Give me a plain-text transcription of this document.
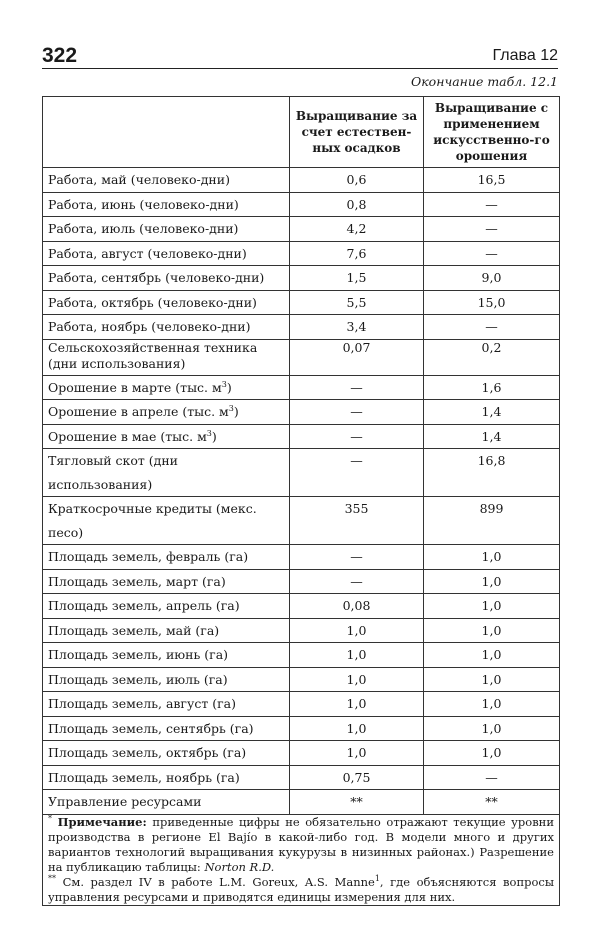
322	Глава 12
Окончание табл. 12.1
	Выращивание за счет естествен-ных осадков	Выращивание с применением искусственно-го орошения
Работа, май (человеко-дни)	0,6	16,5
Работа, июнь (человеко-дни)	0,8	—
Работа, июль (человеко-дни)	4,2	—
Работа, август (человеко-дни)	7,6	—
Работа, сентябрь (человеко-дни)	1,5	9,0
Работа, октябрь (человеко-дни)	5,5	15,0
Работа, ноябрь (человеко-дни)	3,4	—
Сельскохозяйственная техника (дни использования)	0,07	0,2
Орошение в марте (тыс. $м^3$)	—	1,6
Орошение в апреле (тыс. $м^3$)	—	1,4
Орошение в мае (тыс. $м^3$)	—	1,4
Тягловый скот (дни использования)	—	16,8
Краткосрочные кредиты (мекс. песо)	355	899
Площадь земель, февраль (га)	—	1,0
Площадь земель, март (га)	—	1,0
Площадь земель, апрель (га)	0,08	1,0
Площадь земель, май (га)	1,0	1,0
Площадь земель, июнь (га)	1,0	1,0
Площадь земель, июль (га)	1,0	1,0
Площадь земель, август (га)	1,0	1,0
Площадь земель, сентябрь (га)	1,0	1,0
Площадь земель, октябрь (га)	1,0	1,0
Площадь земель, ноябрь (га)	0,75	—
Управление ресурсами	**	**

* Примечание: приведенные цифры не обязательно отражают текущие уровни производства в регионе El Bajío в какой-либо год. В модели много и других вариантов технологий выращивания кукурузы в низинных районах.) Разрешение на публикацию таблицы: Norton R.D.
** См. раздел IV в работе L.M. Goreux, A.S. Manne$^1$, где объясняются вопросы управления ресурсами и приводятся единицы измерения для них.		
